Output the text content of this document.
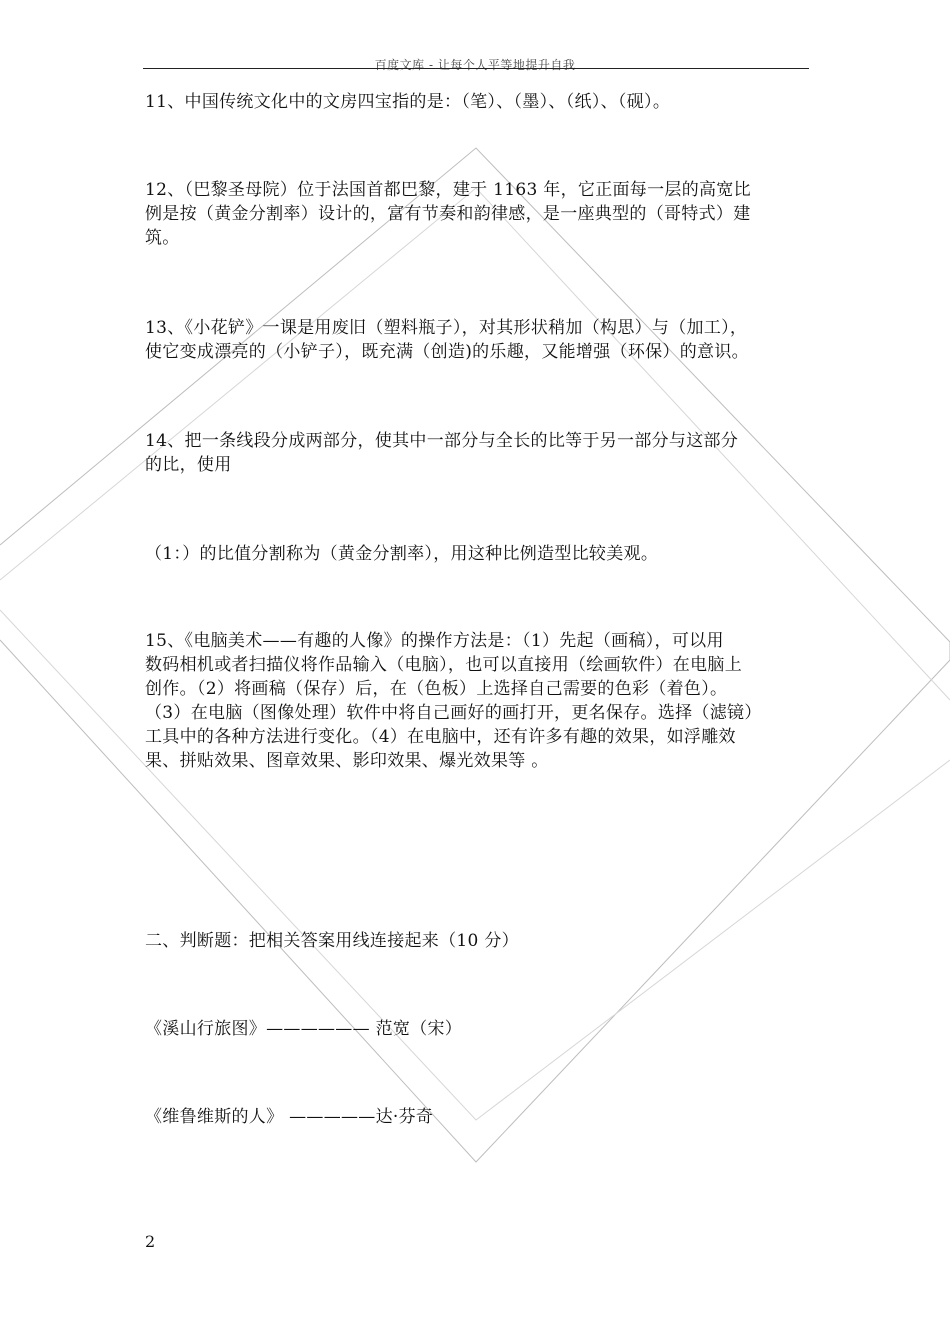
百度文库 - 让每个人平等地提升自我
11、中国传统文化中的文房四宝指的是：（笔）、（墨）、（纸）、（砚）。
12、（巴黎圣母院）位于法国首都巴黎，建于 1163 年，它正面每一层的高宽比
例是按（黄金分割率）设计的，富有节奏和韵律感，是一座典型的（哥特式）建
筑。
13、《小花铲》一课是用废旧（塑料瓶子），对其形状稍加（构思）与（加工），
使它变成漂亮的（小铲子），既充满（创造)的乐趣，又能增强（环保）的意识。
14、把一条线段分成两部分，使其中一部分与全长的比等于另一部分与这部分
的比，使用
（1：）的比值分割称为（黄金分割率），用这种比例造型比较美观。
15、《电脑美术——有趣的人像》的操作方法是：（1）先起（画稿），可以用
数码相机或者扫描仪将作品输入（电脑），也可以直接用（绘画软件）在电脑上
创作。（2）将画稿（保存）后，在（色板）上选择自己需要的色彩（着色）。
（3）在电脑（图像处理）软件中将自己画好的画打开，更名保存。选择（滤镜）
工具中的各种方法进行变化。（4）在电脑中，还有许多有趣的效果，如浮雕效
果、拼贴效果、图章效果、影印效果、爆光效果等 。
二、判断题：把相关答案用线连接起来（10 分）
《溪山行旅图》—————— 范宽（宋）
《维鲁维斯的人》 —————达·芬奇
2
